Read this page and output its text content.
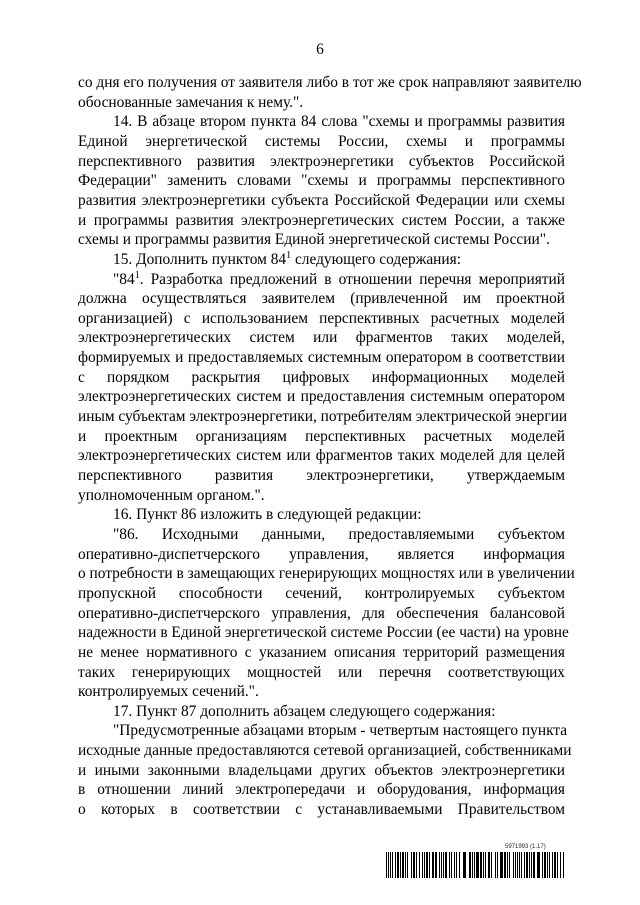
6
со дня его получения от заявителя либо в тот же срок направляют заявителю
обоснованные замечания к нему.".
14. В абзаце втором пункта 84 слова "схемы и программы развития
Единой энергетической системы России, схемы и программы
перспективного развития электроэнергетики субъектов Российской
Федерации" заменить словами "схемы и программы перспективного
развития электроэнергетики субъекта Российской Федерации или схемы
и программы развития электроэнергетических систем России, а также
схемы и программы развития Единой энергетической системы России".
15. Дополнить пунктом $84^1$ следующего содержания:
"$84^1$. Разработка предложений в отношении перечня мероприятий
должна осуществляться заявителем (привлеченной им проектной
организацией) с использованием перспективных расчетных моделей
электроэнергетических систем или фрагментов таких моделей,
формируемых и предоставляемых системным оператором в соответствии
с порядком раскрытия цифровых информационных моделей
электроэнергетических систем и предоставления системным оператором
иным субъектам электроэнергетики, потребителям электрической энергии
и проектным организациям перспективных расчетных моделей
электроэнергетических систем или фрагментов таких моделей для целей
перспективного развития электроэнергетики, утверждаемым
уполномоченным органом.".
16. Пункт 86 изложить в следующей редакции:
"86. Исходными данными, предоставляемыми субъектом
оперативно-диспетчерского управления, является информация
о потребности в замещающих генерирующих мощностях или в увеличении
пропускной способности сечений, контролируемых субъектом
оперативно-диспетчерского управления, для обеспечения балансовой
надежности в Единой энергетической системе России (ее части) на уровне
не менее нормативного с указанием описания территорий размещения
таких генерирующих мощностей или перечня соответствующих
контролируемых сечений.".
17. Пункт 87 дополнить абзацем следующего содержания:
"Предусмотренные абзацами вторым - четвертым настоящего пункта
исходные данные предоставляются сетевой организацией, собственниками
и иными законными владельцами других объектов электроэнергетики
в отношении линий электропередачи и оборудования, информация
о которых в соответствии с устанавливаемыми Правительством
5971993 (1.17)
